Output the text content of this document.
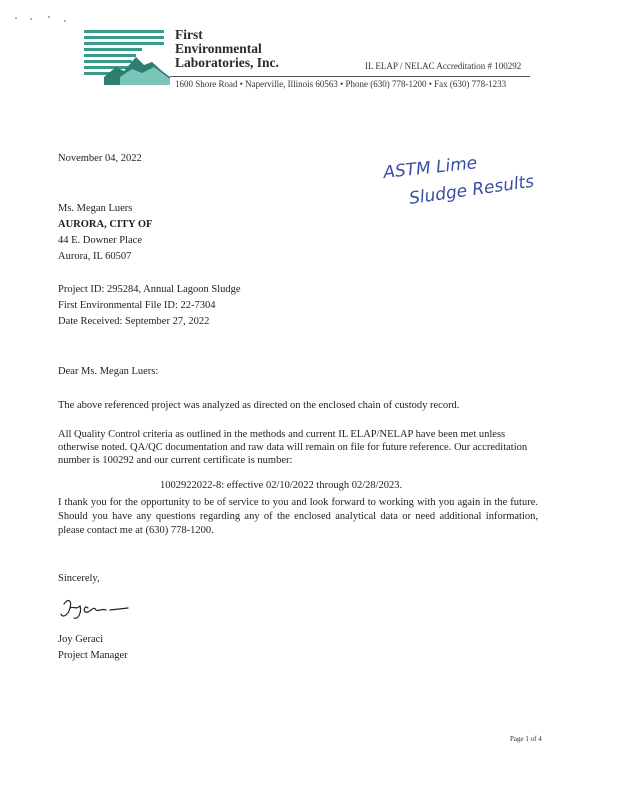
First
Environmental
Laboratories, Inc.	IL ELAP / NELAC Accreditation # 100292
1600 Shore Road • Naperville, Illinois 60563 • Phone (630) 778-1200 • Fax (630) 778-1233
ASTM Lime
Sludge Results
November 04, 2022
Ms. Megan Luers
AURORA, CITY OF
44 E. Downer Place
Aurora, IL 60507
Project ID: 295284, Annual Lagoon Sludge
First Environmental File ID: 22-7304
Date Received: September 27, 2022
Dear Ms. Megan Luers:
The above referenced project was analyzed as directed on the enclosed chain of custody record.
All Quality Control criteria as outlined in the methods and current IL ELAP/NELAP have been met unless otherwise noted. QA/QC documentation and raw data will remain on file for future reference. Our accreditation number is 100292 and our current certificate is number:
1002922022-8: effective 02/10/2022 through 02/28/2023.
I thank you for the opportunity to be of service to you and look forward to working with you again in the future. Should you have any questions regarding any of the enclosed analytical data or need additional information, please contact me at (630) 778-1200.
Sincerely,
Joy Geraci
Project Manager
Page 1 of 4
